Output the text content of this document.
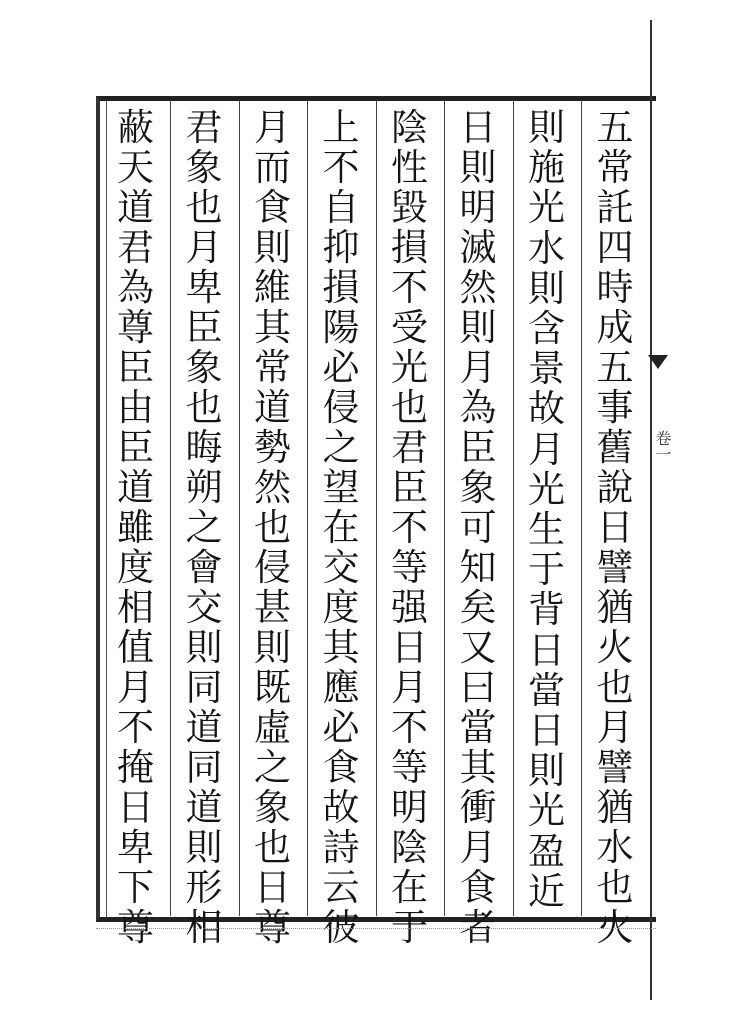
卷一
五
常
託
四
時
成
五
事
舊
說
日
譬
猶
火
也
月
譬
猶
水
也
火
則
施
光
水
則
含
景
故
月
光
生
于
背
日
當
日
則
光
盈
近
日
則
明
滅
然
則
月
為
臣
象
可
知
矣
又
曰
當
其
衝
月
食
者
陰
性
毀
損
不
受
光
也
君
臣
不
等
强
日
月
不
等
明
陰
在
于
上
不
自
抑
損
陽
必
侵
之
望
在
交
度
其
應
必
食
故
詩
云
彼
月
而
食
則
維
其
常
道
勢
然
也
侵
甚
則
既
虛
之
象
也
日
尊
君
象
也
月
卑
臣
象
也
晦
朔
之
會
交
則
同
道
同
道
則
形
相
蔽
天
道
君
為
尊
臣
由
臣
道
雖
度
相
值
月
不
掩
日
卑
下
尊
